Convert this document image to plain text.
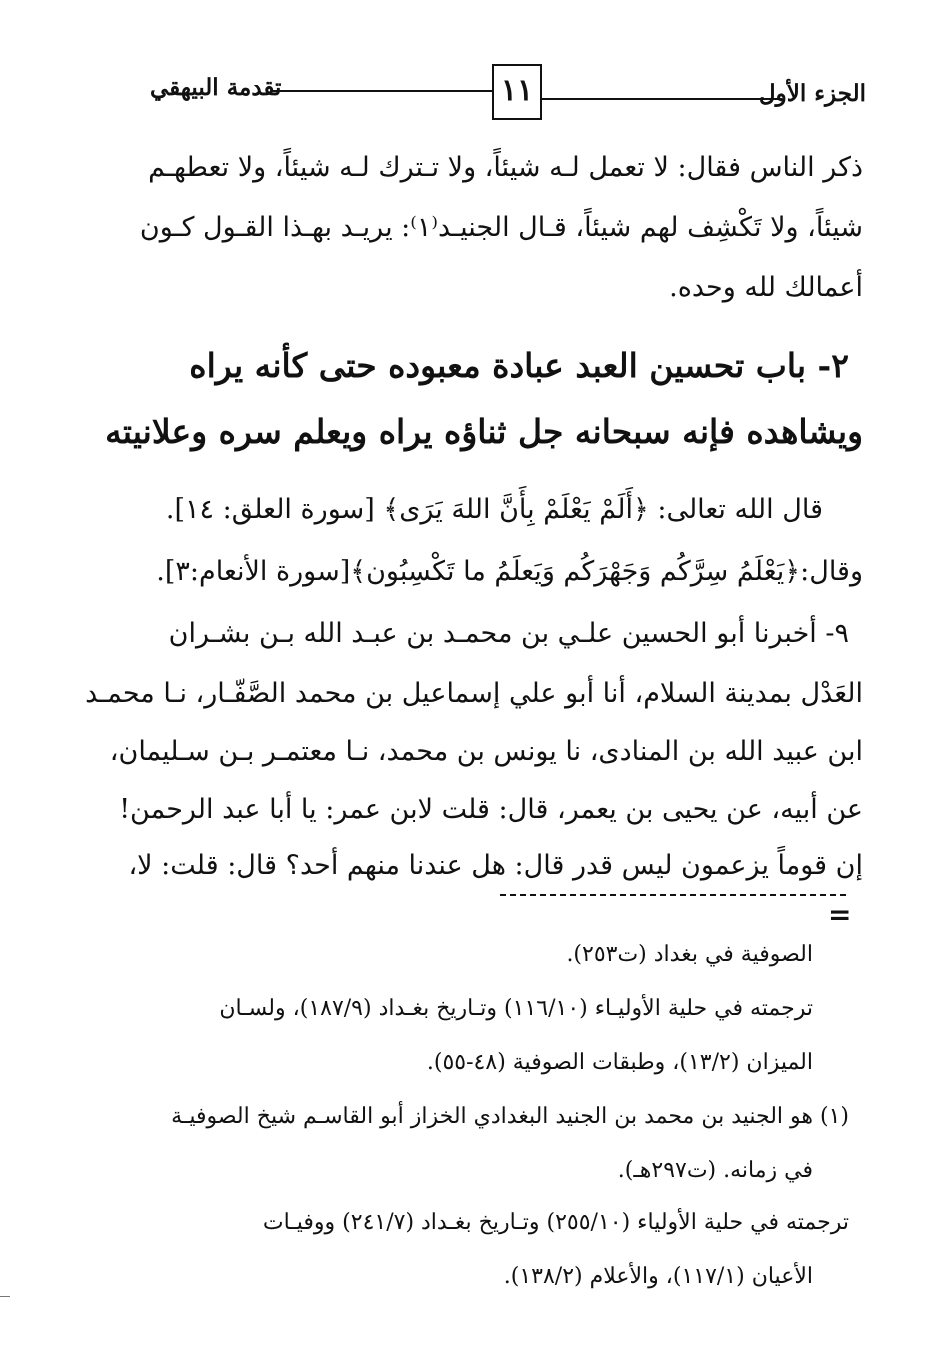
تقدمة البيهقي	١١	الجزء الأول
ذكر الناس فقال: لا تعمل لـه شيئاً، ولا تـترك لـه شيئاً، ولا تعطهـم
شيئاً، ولا تَكْشِف لهم شيئاً، قـال الجنيـد⁽١⁾: يريـد بهـذا القـول كـون
أعمالك لله وحده.
٢- باب تحسين العبد عبادة معبوده حتى كأنه يراه
ويشاهده فإنه سبحانه جل ثناؤه يراه ويعلم سره وعلانيته
قال الله تعالى: ﴿أَلَمْ يَعْلَمْ بِأَنَّ اللهَ يَرَى﴾ [سورة العلق: ١٤].
وقال:﴿يَعْلَمُ سِرَّكُم وَجَهْرَكُم وَيَعلَمُ ما تَكْسِبُون﴾[سورة الأنعام:٣].
٩- أخبرنا أبو الحسين علـي بن محمـد بن عبـد الله بـن بشـران
العَدْل بمدينة السلام، أنا أبو علي إسماعيل بن محمد الصَّفّـار، نـا محمـد
ابن عبيد الله بن المنادى، نا يونس بن محمد، نـا معتمـر بـن سـليمان،
عن أبيه، عن يحيى بن يعمر، قال: قلت لابن عمر: يا أبا عبد الرحمن!
إن قوماً يزعمون ليس قدر قال: هل عندنا منهم أحد؟ قال: قلت: لا،
=
الصوفية في بغداد (ت٢٥٣).
ترجمته في حلية الأوليـاء (١١٦/١٠) وتـاريخ بغـداد (١٨٧/٩)، ولسـان
الميزان (١٣/٢)، وطبقات الصوفية (٤٨-٥٥).
(١) هو الجنيد بن محمد بن الجنيد البغدادي الخزاز أبو القاسـم شيخ الصوفيـة
في زمانه. (ت٢٩٧هـ).
ترجمته في حلية الأولياء (٢٥٥/١٠) وتـاريخ بغـداد (٢٤١/٧) ووفيـات
الأعيان (١١٧/١)، والأعلام (١٣٨/٢).
